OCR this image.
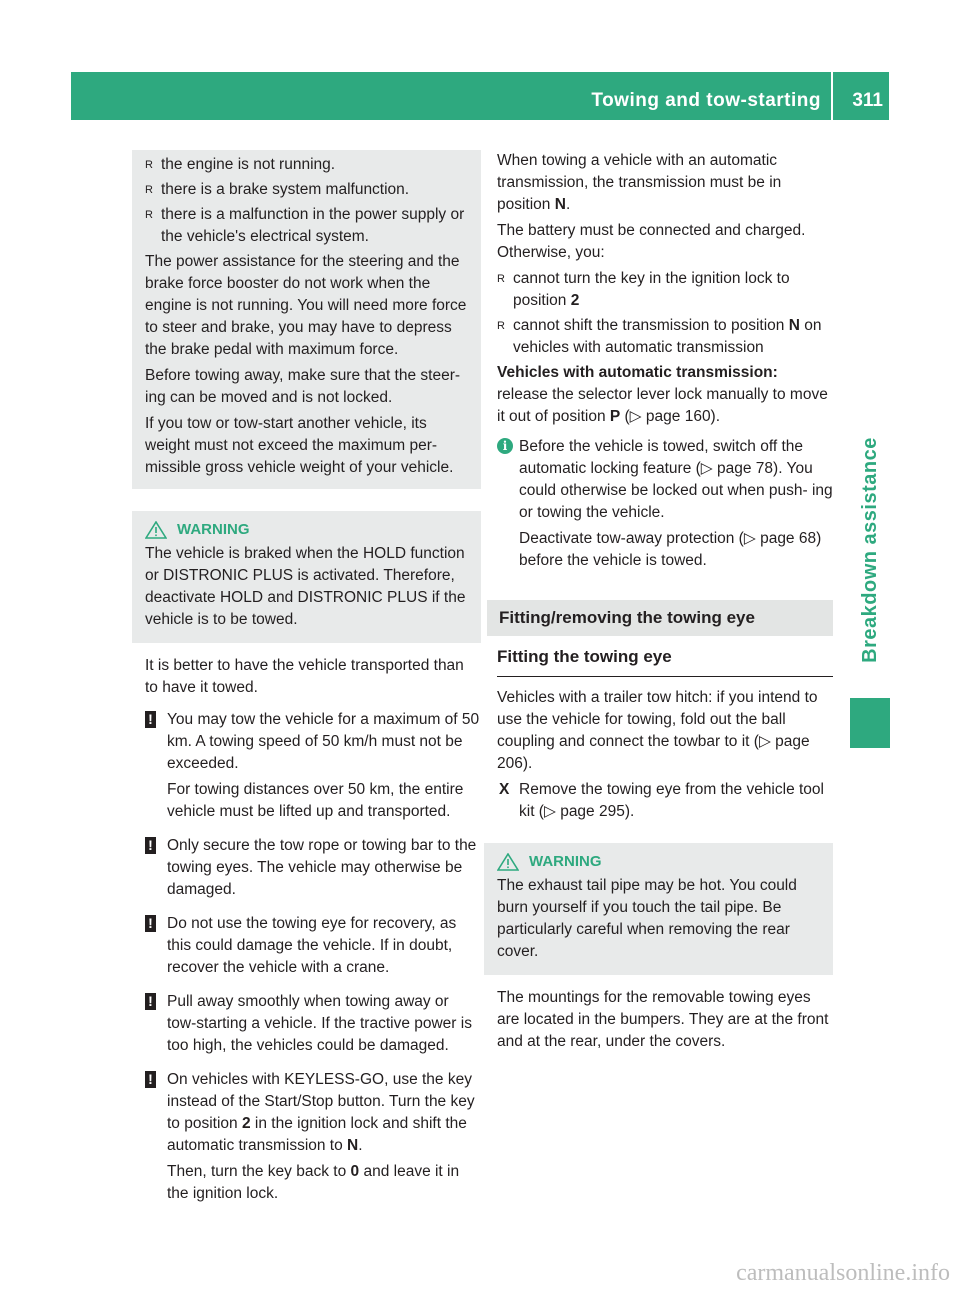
Towing and tow-starting 311
Breakdown assistance
R the engine is not running.
R there is a brake system malfunction.
R there is a malfunction in the power supply or the vehicle's electrical system.

The power assistance for the steering and the brake force booster do not work when the engine is not running. You will need more force to steer and brake, you may have to depress the brake pedal with maximum force.

Before towing away, make sure that the steer- ing can be moved and is not locked.

If you tow or tow-start another vehicle, its weight must not exceed the maximum per- missible gross vehicle weight of your vehicle.

WARNING

The vehicle is braked when the HOLD function or DISTRONIC PLUS is activated. Therefore, deactivate HOLD and DISTRONIC PLUS if the vehicle is to be towed.

It is better to have the vehicle transported than to have it towed.

! You may tow the vehicle for a maximum of 50 km. A towing speed of 50 km/h must not be exceeded.

For towing distances over 50 km, the entire vehicle must be lifted up and transported.

! Only secure the tow rope or towing bar to the towing eyes. The vehicle may otherwise be damaged.

! Do not use the towing eye for recovery, as this could damage the vehicle. If in doubt, recover the vehicle with a crane.

! Pull away smoothly when towing away or tow-starting a vehicle. If the tractive power is too high, the vehicles could be damaged.

! On vehicles with KEYLESS-GO, use the key instead of the Start/Stop button. Turn the key to position 2 in the ignition lock and shift the automatic transmission to N.

Then, turn the key back to 0 and leave it in the ignition lock.

When towing a vehicle with an automatic transmission, the transmission must be in position N.

The battery must be connected and charged. Otherwise, you:

R cannot turn the key in the ignition lock to position 2
R cannot shift the transmission to position N on vehicles with automatic transmission

Vehicles with automatic transmission:
release the selector lever lock manually to move it out of position P (▷ page 160).

i Before the vehicle is towed, switch off the automatic locking feature (▷ page 78). You could otherwise be locked out when push- ing or towing the vehicle.

Deactivate tow-away protection (▷ page 68) before the vehicle is towed.

Fitting/removing the towing eye
Fitting the towing eye

Vehicles with a trailer tow hitch: if you intend to use the vehicle for towing, fold out the ball coupling and connect the towbar to it (▷ page 206).

X Remove the towing eye from the vehicle tool kit (▷ page 295).
WARNING

The exhaust tail pipe may be hot. You could burn yourself if you touch the tail pipe. Be particularly careful when removing the rear cover.

The mountings for the removable towing eyes are located in the bumpers. They are at the front and at the rear, under the covers.

carmanualsonline.info
